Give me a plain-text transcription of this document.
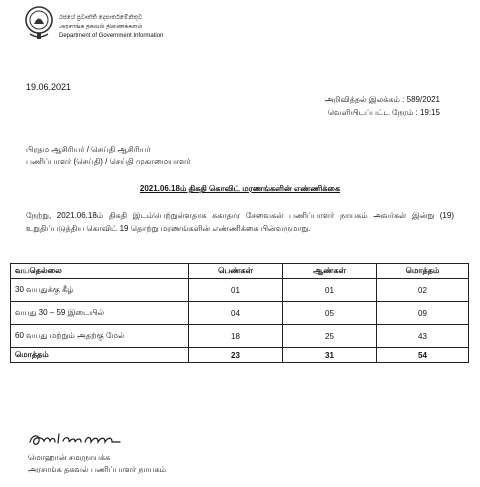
රජයේ ප්‍රවෘත්ති දෙපාර්තමේන්තුව
அரசாங்க தகவல் திணைக்களம்
Department of Government Information
19.06.2021
அறிவித்தல் இலக்கம் : 589/2021
வெளியிடப்பட்ட நேரம் : 19:15
பிரதம ஆசிரியர் / செய்தி ஆசிரியர்
பணிப்பாளர் (செய்தி) / செய்தி முகாமையாளர்
2021.06.18ம் திகதி கொவிட் மரணங்களின் எண்ணிக்கை
நேற்று, 2021.06.18ம் திகதி இடம்பெற்றுள்ளதாக சுகாதார சேவைகள் பணிப்பாளர் நாயகம் அவர்கள் இன்று (19) உறுதிப்படுத்திய கொவிட் 19 தொற்று மரணங்களின் எண்ணிக்கை பின்வருமாறு.
வயதெல்லை	பெண்கள்	ஆண்கள்	மொத்தம்
30 வயதுக்கு கீழ்	01	01	02
வயது 30 – 59 இடையில்	04	05	09
60 வயது மற்றும் அதற்கு மேல்	18	25	43
மொத்தம்	23	31	54
மொஹான் சமரநாயக்க
அரசாங்க தகவல் பணிப்பாளர் நாயகம்
